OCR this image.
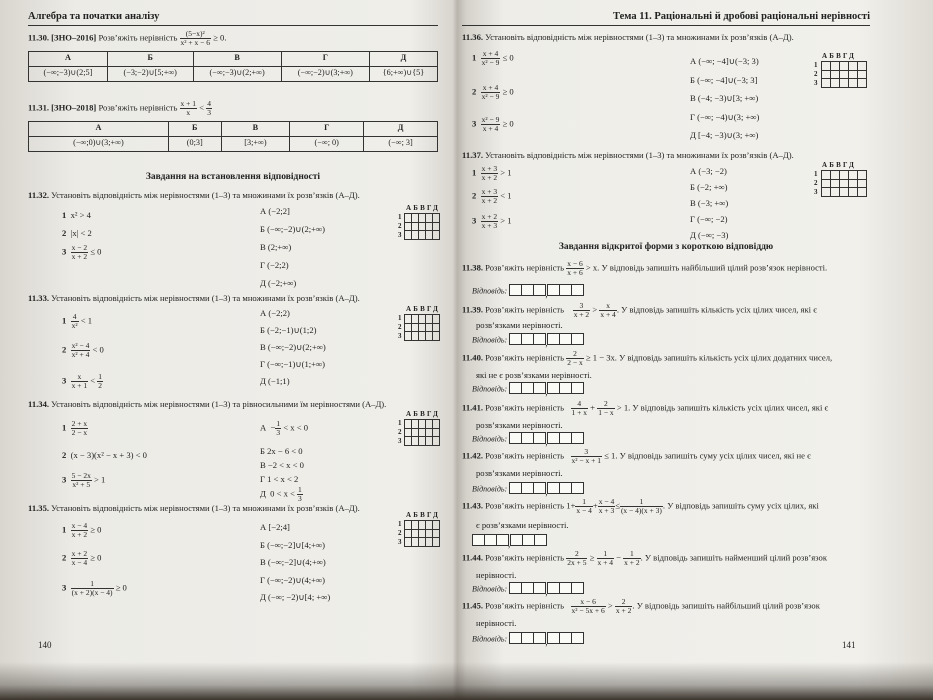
Алгебра та початки аналізу
11.30. [ЗНО–2016] Розв’яжіть нерівність $\frac{\text{(5−x)²}}{\text{x² + x − 6}} \ge 0$.
А	Б	В	Г	Д
(−∞;−3)∪(2;5]	(−3;−2)∪[5;+∞)	(−∞;−3)∪(2;+∞)	(−∞;−2)∪(3;+∞)	{6;+∞)∪{5}
11.31. [ЗНО–2018] Розв’яжіть нерівність $\frac{x + 1}{x} < \frac{4}{3}$
А	Б	В	Г	Д
(−∞;0)∪(3;+∞)	(0;3]	[3;+∞)	(−∞; 0)	(−∞; 3]
Завдання на встановлення відповідності
11.32. Установіть відповідність між нерівностями (1–3) та множинами їх розв’язків (А–Д).
1 x² > 4
2 |x| < 2
$3 \frac{x - 2}{x + 2} \le 0$
А (−2;2]
Б (−∞;−2)∪(2;+∞)
В (2;+∞)
Г (−2;2)
Д (−2;+∞)
АБВГД
1					
2					
3					
11.33. Установіть відповідність між нерівностями (1–3) та множинами їх розв’язків (А–Д).
$1 \frac{4}{\text{x²}} < 1$
$2 \frac{\text{x² − 4}}{\text{x² + 4}} < 0$
$3 \frac{x}{x + 1} < \frac{1}{2}$
А (−2;2)
Б (−2;−1)∪(1;2)
В (−∞;−2)∪(2;+∞)
Г (−∞;−1)∪(1;+∞)
Д (−1;1)
АБВГД
1					
2					
3					
11.34. Установіть відповідність між нерівностями (1–3) та рівносильними їм нерівностями (А–Д).
$1 \frac{2 + x}{2 - x}$
2 (x − 3)(x² − x + 3) < 0
$3 \frac{5 - 2x}{\text{x² + 5}} > 1$
$А - \frac{1}{3} < x < 0$
Б 2x − 6 < 0
В −2 < x < 0
Г 1 < x < 2
Д  $0 < x < \frac{1}{3}$
АБВГД
1					
2					
3					
11.35. Установіть відповідність між нерівностями (1–3) та множинами їх розв’язків (А–Д).
$1 \frac{x - 4}{x + 2} \ge 0$
$2 \frac{x + 2}{x - 4} \ge 0$
$3 \frac{1}{(x + 2)(x - 4)} \ge 0$
А [−2;4]
Б (−∞;−2]∪[4;+∞)
В (−∞;−2]∪(4;+∞)
Г (−∞;−2)∪(4;+∞)
Д (−∞; −2)∪[4; +∞)
АБВГД
1					
2					
3					
140
Тема 11. Раціональні й дробові раціональні нерівності
11.36. Установіть відповідність між нерівностями (1–3) та множинами їх розв’язків (А–Д).
$1 \frac{x + 4}{\text{x² − 9}} \le 0$
$2 \frac{x + 4}{\text{x² − 9}} \ge 0$
$3 \frac{\text{x² − 9}}{x + 4} \ge 0$
А (−∞; −4]∪(−3; 3)
Б (−∞; −4]∪(−3; 3]
В (−4; −3)∪[3; +∞)
Г (−∞; −4)∪(3; +∞)
Д [−4; −3)∪(3; +∞)
АБВГД
1					
2					
3					
11.37. Установіть відповідність між нерівностями (1–3) та множинами їх розв’язків (А–Д).
$1 \frac{x + 3}{x + 2} > 1$
$2 \frac{x + 3}{x + 2} < 1$
$3 \frac{x + 2}{x + 3} > 1$
А (−3; −2)
Б (−2; +∞)
В (−3; +∞)
Г (−∞; −2)
Д (−∞; −3)
АБВГД
1					
2					
3					
Завдання відкритої форми з короткою відповіддю
11.38. Розв’яжіть нерівність $\frac{x - 6}{x + 6} > x$. У відповідь запишіть найбільший цілий розв’язок нерівності.
Відповідь: ,
11.39. Розв’яжіть нерівність $\frac{3}{x + 2} > \frac{x}{x + 4}$ . У відповідь запишіть кількість усіх цілих чисел, які є
розв’язками нерівності.
Відповідь: ,
11.40. Розв’яжіть нерівність $\frac{2}{2 - x} \ge 1 - 3x$. У відповідь запишіть кількість усіх цілих додатних чисел,
які не є розв’язками нерівності.
Відповідь: ,
11.41. Розв’яжіть нерівність $\frac{4}{1 + x} + \frac{2}{1 - x} > 1$. У відповідь запишіть кількість усіх цілих чисел, які є
розв’язками нерівності.
Відповідь: ,
11.42. Розв’яжіть нерівність $\frac{3}{\text{x² − x + 1}} \le 1$. У відповідь запишіть суму усіх цілих чисел, які не є
розв’язками нерівності.
Відповідь: ,
11.43. Розв’яжіть нерівність $1+ \frac{1}{x - 4} + \frac{x - 4}{x + 3} \le \frac{1}{(x - 4)(x + 3)}$ . У відповідь запишіть суму усіх цілих, які
є розв’язками нерівності.
,
11.44. Розв’яжіть нерівність $\frac{2}{2x + 5} \ge \frac{1}{x + 4} - \frac{1}{x + 2}$ . У відповідь запишіть найменший цілий розв’язок
нерівності.
Відповідь: ,
11.45. Розв’яжіть нерівність $\frac{x - 6}{\text{x² − 5x + 6}} > \frac{2}{x + 2}$ . У відповідь запишіть найбільший цілий розв’язок
нерівності.
Відповідь: ,
141
